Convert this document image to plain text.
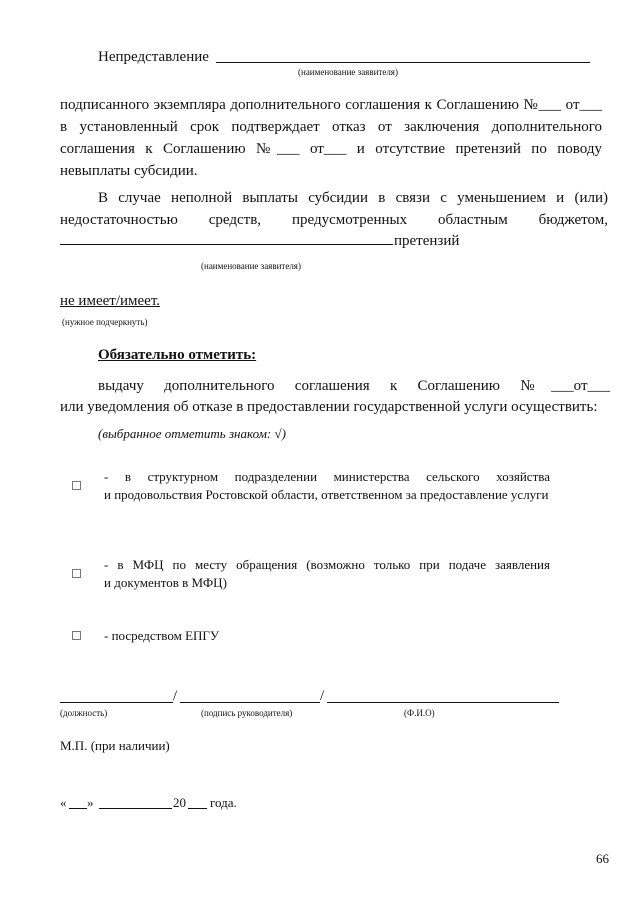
Непредставление
(наименование заявителя)
подписанного экземпляра дополнительного соглашения к Соглашению №___ от___
в установленный срок подтверждает отказ от заключения дополнительного
соглашения к Соглашению №___ от___ и отсутствие претензий по поводу
невыплаты субсидии.
В случае неполной выплаты субсидии в связи с уменьшением и (или)
недостаточностью средств, предусмотренных областным бюджетом,
претензий
(наименование заявителя)
не имеет/имеет.
(нужное подчеркнуть)
Обязательно отметить:
выдачу дополнительного соглашения к Соглашению №___от___
или уведомления об отказе в предоставлении государственной услуги осуществить:
(выбранное отметить знаком: √)
- в структурном подразделении министерства сельского хозяйства
и продовольствия Ростовской области, ответственном за предоставление услуги
- в МФЦ по месту обращения (возможно только при подаче заявления
и документов в МФЦ)
- посредством ЕПГУ
/	/
(должность)	(подпись руководителя)	(Ф.И.О)
М.П. (при наличии)
« »	20 года.
66
